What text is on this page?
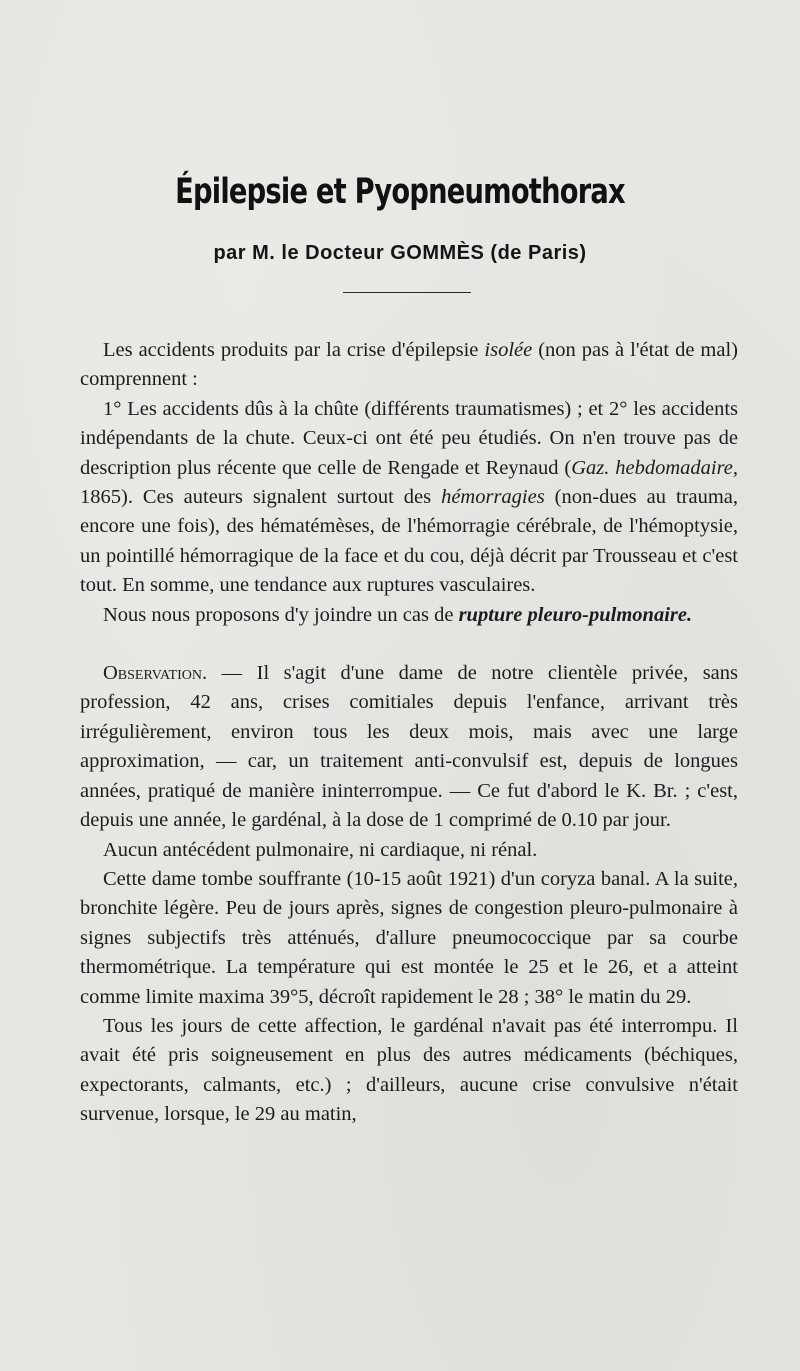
Épilepsie et Pyopneumothorax
par M. le Docteur GOMMÈS (de Paris)

Les accidents produits par la crise d'épilepsie isolée (non pas à l'état de mal) comprennent :

1° Les accidents dûs à la chûte (différents traumatismes) ; et 2° les accidents indépendants de la chute. Ceux-ci ont été peu étudiés. On n'en trouve pas de description plus récente que celle de Rengade et Reynaud (Gaz. hebdomadaire, 1865). Ces auteurs signalent surtout des hémorragies (non-dues au trauma, encore une fois), des hématémèses, de l'hémorragie cérébrale, de l'hémoptysie, un pointillé hémorragique de la face et du cou, déjà décrit par Trousseau et c'est tout. En somme, une tendance aux ruptures vasculaires.

Nous nous proposons d'y joindre un cas de rupture pleuro-pulmonaire.

Observation. — Il s'agit d'une dame de notre clientèle privée, sans profession, 42 ans, crises comitiales depuis l'enfance, arrivant très irrégulièrement, environ tous les deux mois, mais avec une large approximation, — car, un traitement anti-convulsif est, depuis de longues années, pratiqué de manière ininterrompue. — Ce fut d'abord le K. Br. ; c'est, depuis une année, le gardénal, à la dose de 1 comprimé de 0.10 par jour.

Aucun antécédent pulmonaire, ni cardiaque, ni rénal.

Cette dame tombe souffrante (10-15 août 1921) d'un coryza banal. A la suite, bronchite légère. Peu de jours après, signes de congestion pleuro-pulmonaire à signes subjectifs très atténués, d'allure pneumococcique par sa courbe thermométrique. La température qui est montée le 25 et le 26, et a atteint comme limite maxima 39°5, décroît rapidement le 28 ; 38° le matin du 29.

Tous les jours de cette affection, le gardénal n'avait pas été interrompu. Il avait été pris soigneusement en plus des autres médicaments (béchiques, expectorants, calmants, etc.) ; d'ailleurs, aucune crise convulsive n'était survenue, lorsque, le 29 au matin,
